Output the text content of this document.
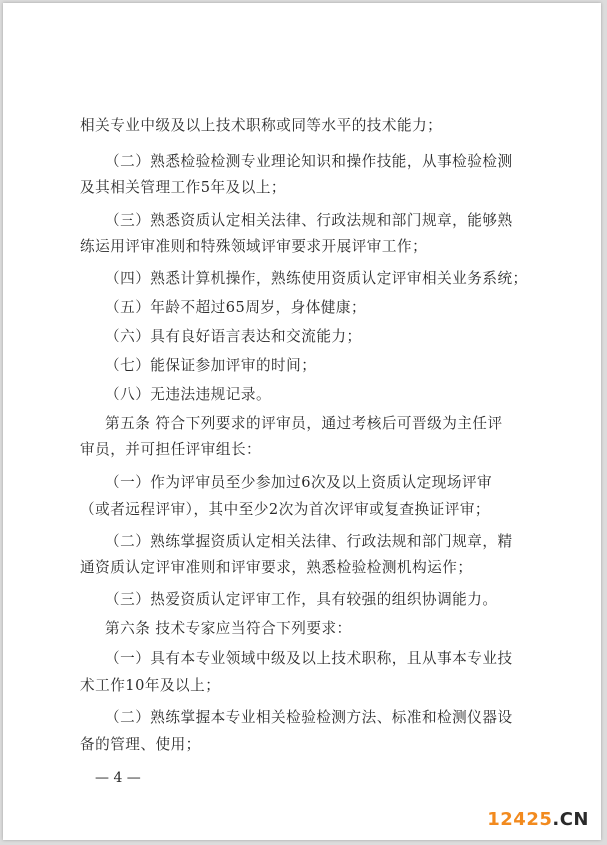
相关专业中级及以上技术职称或同等水平的技术能力；
（二）熟悉检验检测专业理论知识和操作技能，从事检验检测
及其相关管理工作5年及以上；
（三）熟悉资质认定相关法律、行政法规和部门规章，能够熟
练运用评审准则和特殊领域评审要求开展评审工作；
（四）熟悉计算机操作，熟练使用资质认定评审相关业务系统；
（五）年龄不超过65周岁，身体健康；
（六）具有良好语言表达和交流能力；
（七）能保证参加评审的时间；
（八）无违法违规记录。
第五条 符合下列要求的评审员，通过考核后可晋级为主任评
审员，并可担任评审组长：
（一）作为评审员至少参加过6次及以上资质认定现场评审
（或者远程评审），其中至少2次为首次评审或复查换证评审；
（二）熟练掌握资质认定相关法律、行政法规和部门规章，精
通资质认定评审准则和评审要求，熟悉检验检测机构运作；
（三）热爱资质认定评审工作，具有较强的组织协调能力。
第六条 技术专家应当符合下列要求：
（一）具有本专业领域中级及以上技术职称，且从事本专业技
术工作10年及以上；
（二）熟练掌握本专业相关检验检测方法、标准和检测仪器设
备的管理、使用；
— 4 —
12425.CN
